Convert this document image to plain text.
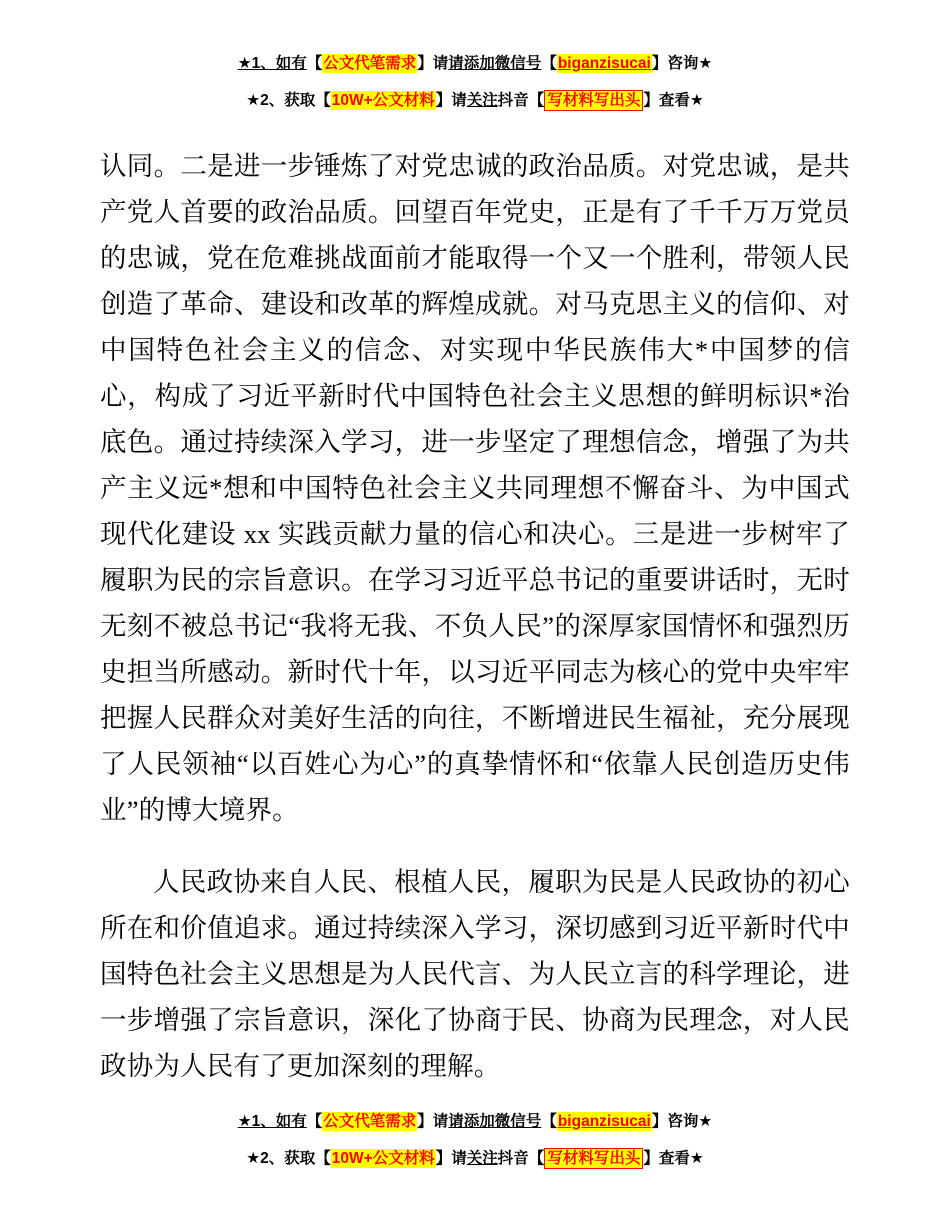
★1、如有【公文代笔需求】请请添加微信号【biganzisucai】咨询★
★2、获取【10W+公文材料】请关注抖音【 写材料写出头 】查看★

认同。二是进一步锤炼了对党忠诚的政治品质。对党忠诚，是共产党人首要的政治品质。回望百年党史，正是有了千千万万党员的忠诚，党在危难挑战面前才能取得一个又一个胜利，带领人民创造了革命、建设和改革的辉煌成就。对马克思主义的信仰、对中国特色社会主义的信念、对实现中华民族伟大*中国梦的信心，构成了习近平新时代中国特色社会主义思想的鲜明标识*治底色。通过持续深入学习，进一步坚定了理想信念，增强了为共产主义远*想和中国特色社会主义共同理想不懈奋斗、为中国式现代化建设 xx 实践贡献力量的信心和决心。三是进一步树牢了履职为民的宗旨意识。在学习习近平总书记的重要讲话时，无时无刻不被总书记“我将无我、不负人民”的深厚家国情怀和强烈历史担当所感动。新时代十年，以习近平同志为核心的党中央牢牢把握人民群众对美好生活的向往，不断增进民生福祉，充分展现了人民领袖“以百姓心为心”的真挚情怀和“依靠人民创造历史伟业”的博大境界。

人民政协来自人民、根植人民，履职为民是人民政协的初心所在和价值追求。通过持续深入学习，深切感到习近平新时代中国特色社会主义思想是为人民代言、为人民立言的科学理论，进一步增强了宗旨意识，深化了协商于民、协商为民理念，对人民政协为人民有了更加深刻的理解。

★1、如有【公文代笔需求】请请添加微信号【biganzisucai】咨询★
★2、获取【10W+公文材料】请关注抖音【 写材料写出头 】查看★
